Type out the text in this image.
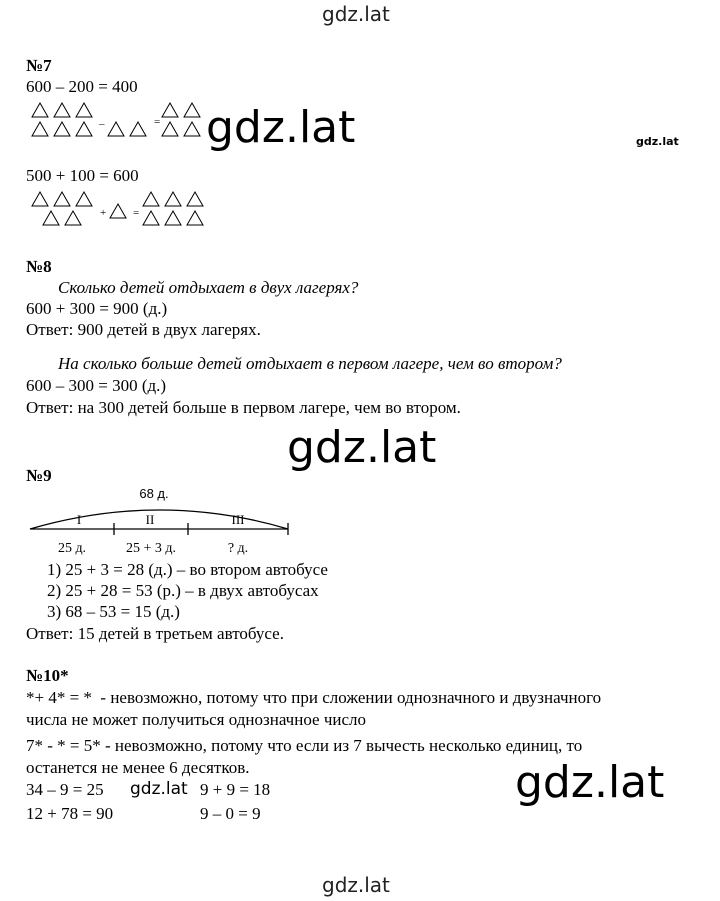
gdz.lat
gdz.lat	gdz.lat
gdz.lat
gdz.lat
gdz.lat
gdz.lat
№7
600 – 200 = 400
–	=
500 + 100 = 600
+ =
№8
Сколько детей отдыхает в двух лагерях?
600 + 300 = 900 (д.)
Ответ: 900 детей в двух лагерях.
На сколько больше детей отдыхает в первом лагере, чем во втором?
600 – 300 = 300 (д.)
Ответ: на 300 детей больше в первом лагере, чем во втором.
№9
68 д.
I	II	III
25 д.	25 + 3 д.	? д.
1) 25 + 3 = 28 (д.) – во втором автобусе
2) 25 + 28 = 53 (р.) – в двух автобусах
3) 68 – 53 = 15 (д.)
Ответ: 15 детей в третьем автобусе.
№10*
*+ 4* = *  - невозможно, потому что при сложении однозначного и двузначного
числа не может получиться однозначное число
7* - * = 5* - невозможно, потому что если из 7 вычесть несколько единиц, то
останется не менее 6 десятков.
34 – 9 = 25	9 + 9 = 18
12 + 78 = 90	9 – 0 = 9
